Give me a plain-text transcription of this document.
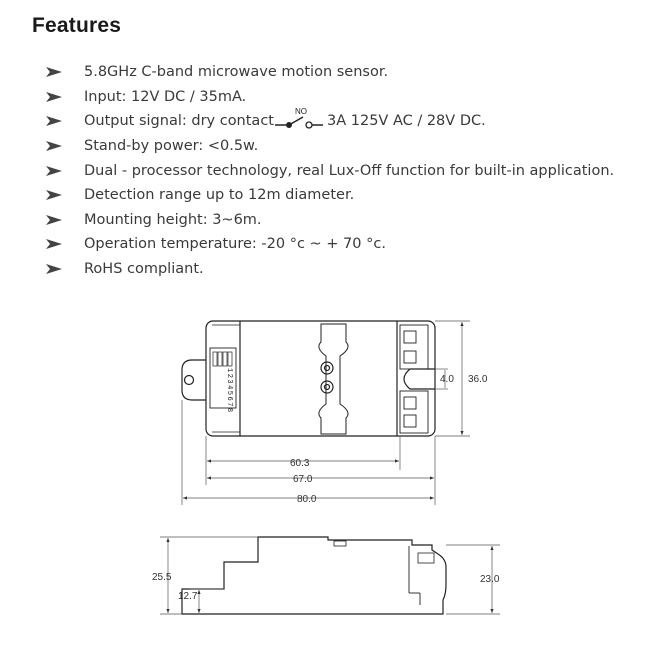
Features
5.8GHz C-band microwave motion sensor.
Input: 12V DC / 35mA.
Output signal: dry contact
NO
3A 125V AC / 28V DC.
Stand-by power: <0.5w.
Dual - processor technology, real Lux-Off function for built-in application.
Detection range up to 12m diameter.
Mounting height: 3~6m.
Operation temperature: -20 °c ~ + 70 °c.
RoHS compliant.
12345678
60.3
67.0
80.0
4.0 36.0
25.5
12.7
23.0
